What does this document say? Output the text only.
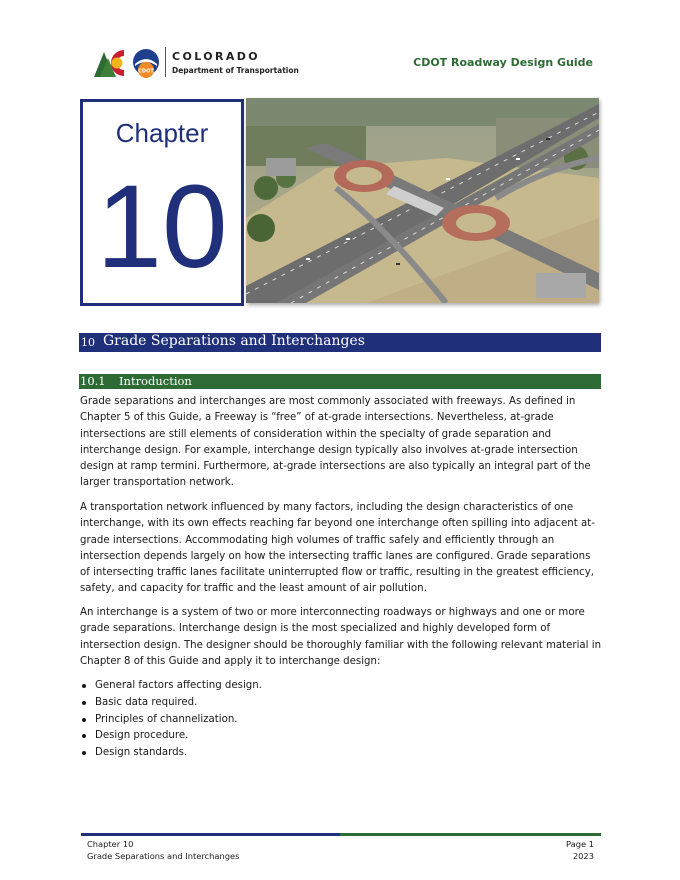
CDOT
COLORADO
Department of Transportation
CDOT Roadway Design Guide
Chapter
10
10 Grade Separations and Interchanges
10.1 Introduction

Grade separations and interchanges are most commonly associated with freeways. As defined in Chapter 5 of this Guide, a Freeway is “free” of at-grade intersections. Nevertheless, at-grade intersections are still elements of consideration within the specialty of grade separation and interchange design. For example, interchange design typically also involves at-grade intersection design at ramp termini. Furthermore, at-grade intersections are also typically an integral part of the larger transportation network.

A transportation network influenced by many factors, including the design characteristics of one interchange, with its own effects reaching far beyond one interchange often spilling into adjacent at-grade intersections. Accommodating high volumes of traffic safely and efficiently through an intersection depends largely on how the intersecting traffic lanes are configured. Grade separations of intersecting traffic lanes facilitate uninterrupted flow or traffic, resulting in the greatest efficiency, safety, and capacity for traffic and the least amount of air pollution.

An interchange is a system of two or more interconnecting roadways or highways and one or more grade separations. Interchange design is the most specialized and highly developed form of intersection design. The designer should be thoroughly familiar with the following relevant material in Chapter 8 of this Guide and apply it to interchange design:

General factors affecting design.
Basic data required.
Principles of channelization.
Design procedure.
Design standards.
Chapter 10
Grade Separations and Interchanges
Page 1
2023
